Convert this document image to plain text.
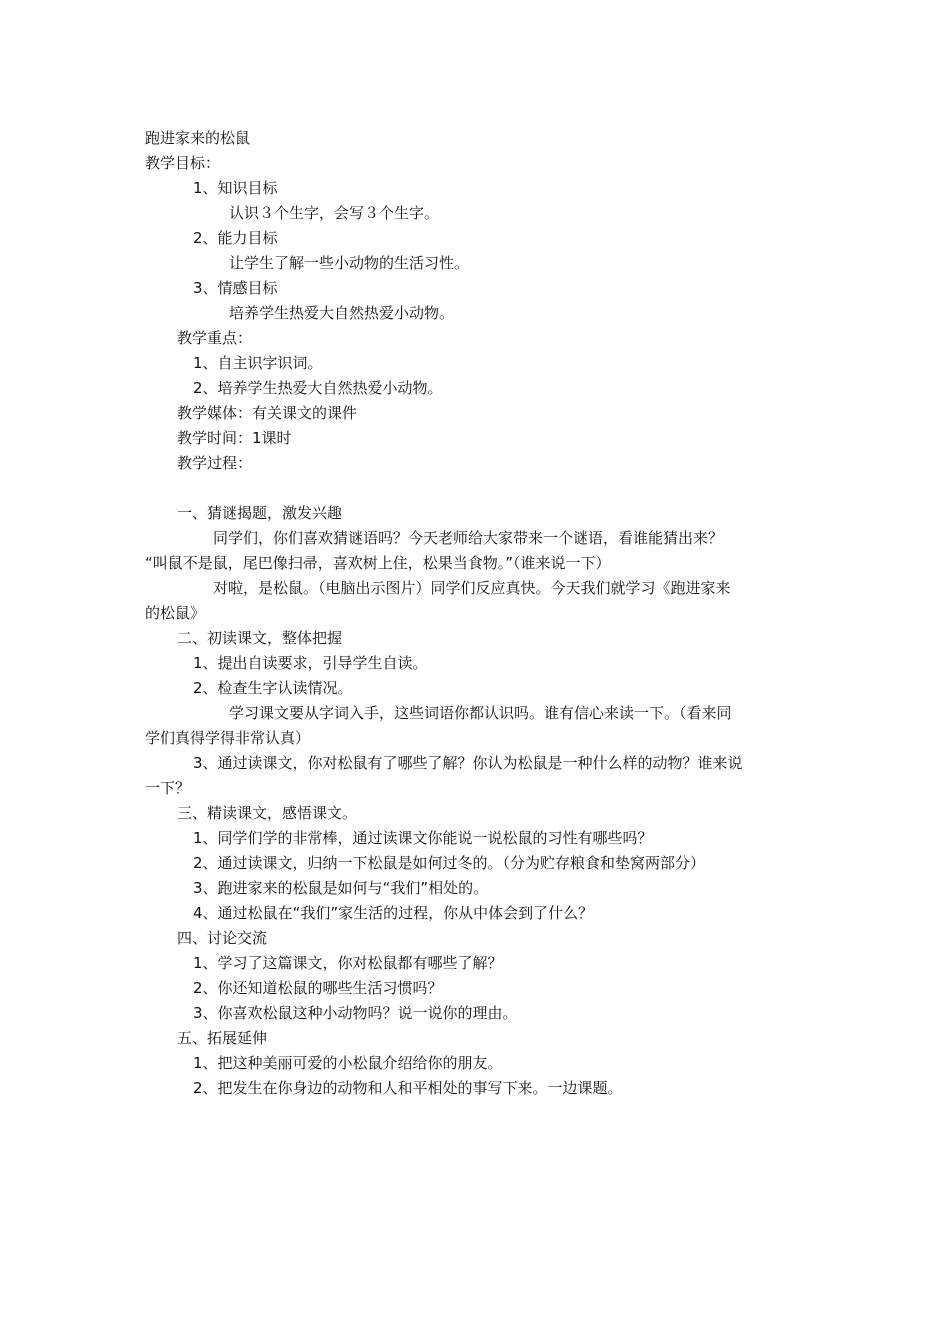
跑进家来的松鼠
教学目标：
1、知识目标
认识３个生字，会写３个生字。
2、能力目标
让学生了解一些小动物的生活习性。
3、情感目标
培养学生热爱大自然热爱小动物。
教学重点：
1、自主识字识词。
2、培养学生热爱大自然热爱小动物。
教学媒体：有关课文的课件
教学时间：1课时
教学过程：
一、猜谜揭题，激发兴趣
同学们，你们喜欢猜谜语吗？今天老师给大家带来一个谜语，看谁能猜出来？
“叫鼠不是鼠，尾巴像扫帚，喜欢树上住，松果当食物。”（谁来说一下）
对啦，是松鼠。（电脑出示图片）同学们反应真快。今天我们就学习《跑进家来
的松鼠》
二、初读课文，整体把握
1、提出自读要求，引导学生自读。
2、检查生字认读情况。
学习课文要从字词入手，这些词语你都认识吗。谁有信心来读一下。（看来同
学们真得学得非常认真）
3、通过读课文，你对松鼠有了哪些了解？你认为松鼠是一种什么样的动物？谁来说
一下？
三、精读课文，感悟课文。
1、同学们学的非常棒，通过读课文你能说一说松鼠的习性有哪些吗？
2、通过读课文，归纳一下松鼠是如何过冬的。（分为贮存粮食和垫窝两部分）
3、跑进家来的松鼠是如何与“我们”相处的。
4、通过松鼠在“我们”家生活的过程，你从中体会到了什么？
四、讨论交流
1、学习了这篇课文，你对松鼠都有哪些了解？
2、你还知道松鼠的哪些生活习惯吗？
3、你喜欢松鼠这种小动物吗？说一说你的理由。
五、拓展延伸
1、把这种美丽可爱的小松鼠介绍给你的朋友。
2、把发生在你身边的动物和人和平相处的事写下来。一边课题。
